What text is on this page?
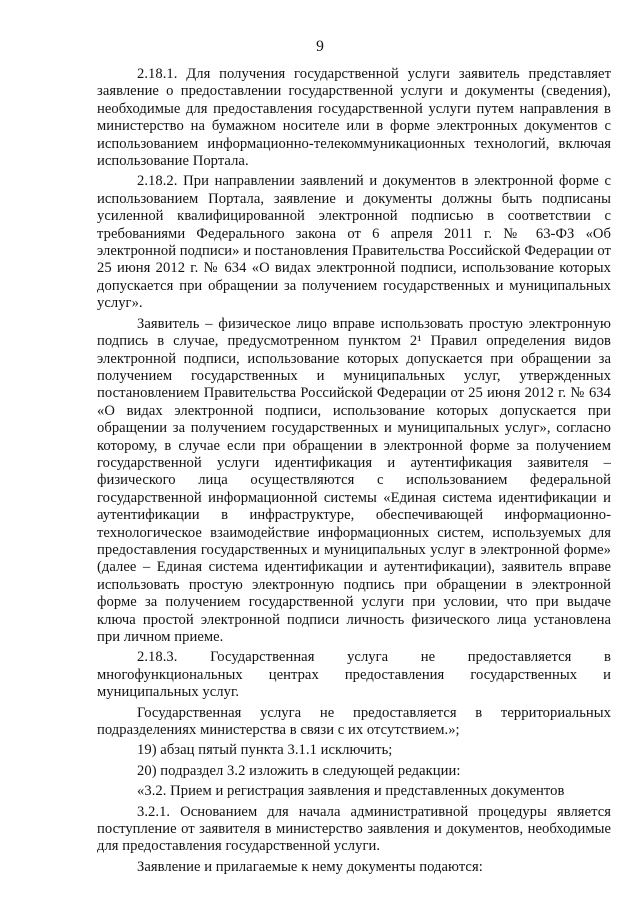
9

2.18.1. Для получения государственной услуги заявитель представляет заявление о предоставлении государственной услуги и документы (сведения), необходимые для предоставления государственной услуги путем направления в министерство на бумажном носителе или в форме электронных документов с использованием информационно-телекоммуникационных технологий, включая использование Портала.

2.18.2. При направлении заявлений и документов в электронной форме с использованием Портала, заявление и документы должны быть подписаны усиленной квалифицированной электронной подписью в соответствии с требованиями Федерального закона от 6 апреля 2011 г. № 63-ФЗ «Об электронной подписи» и постановления Правительства Российской Федерации от 25 июня 2012 г. № 634 «О видах электронной подписи, использование которых допускается при обращении за получением государственных и муниципальных услуг».

Заявитель – физическое лицо вправе использовать простую электронную подпись в случае, предусмотренном пунктом 2¹ Правил определения видов электронной подписи, использование которых допускается при обращении за получением государственных и муниципальных услуг, утвержденных постановлением Правительства Российской Федерации от 25 июня 2012 г. № 634 «О видах электронной подписи, использование которых допускается при обращении за получением государственных и муниципальных услуг», согласно которому, в случае если при обращении в электронной форме за получением государственной услуги идентификация и аутентификация заявителя – физического лица осуществляются с использованием федеральной государственной информационной системы «Единая система идентификации и аутентификации в инфраструктуре, обеспечивающей информационно-технологическое взаимодействие информационных систем, используемых для предоставления государственных и муниципальных услуг в электронной форме» (далее – Единая система идентификации и аутентификации), заявитель вправе использовать простую электронную подпись при обращении в электронной форме за получением государственной услуги при условии, что при выдаче ключа простой электронной подписи личность физического лица установлена при личном приеме.

2.18.3. Государственная услуга не предоставляется в многофункциональных центрах предоставления государственных и муниципальных услуг.

Государственная услуга не предоставляется в территориальных подразделениях министерства в связи с их отсутствием.»;

19) абзац пятый пункта 3.1.1 исключить;

20) подраздел 3.2 изложить в следующей редакции:

«3.2. Прием и регистрация заявления и представленных документов

3.2.1. Основанием для начала административной процедуры является поступление от заявителя в министерство заявления и документов, необходимые для предоставления государственной услуги.

Заявление и прилагаемые к нему документы подаются:
